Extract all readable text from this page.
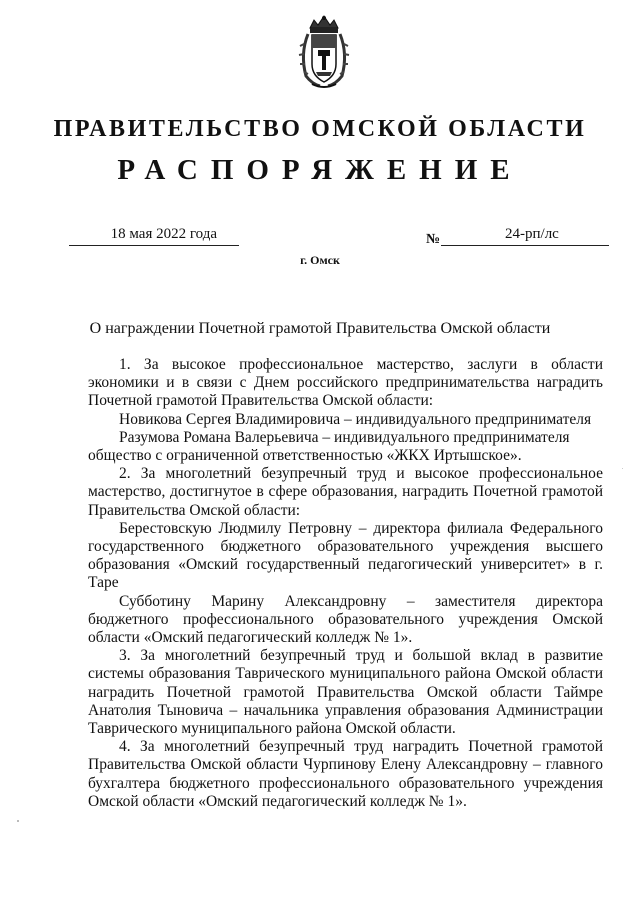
ПРАВИТЕЛЬСТВО ОМСКОЙ ОБЛАСТИ
РАСПОРЯЖЕНИЕ
18 мая 2022 года	№	24-рп/лс
г. Омск
О награждении Почетной грамотой Правительства Омской области

1. За высокое профессиональное мастерство, заслуги в области экономики и в связи с Днем российского предпринимательства наградить Почетной грамотой Правительства Омской области:

Новикова Сергея Владимировича – индивидуального предпринимателя

Разумова Романа Валерьевича – индивидуального предпринимателя общество с ограниченной ответственностью «ЖКХ Иртышское».

2. За многолетний безупречный труд и высокое профессиональное мастерство, достигнутое в сфере образования, наградить Почетной грамотой Правительства Омской области:

Берестовскую Людмилу Петровну – директора филиала Федерального государственного бюджетного образовательного учреждения высшего образования «Омский государственный педагогический университет» в г. Таре

Субботину Марину Александровну – заместителя директора бюджетного профессионального образовательного учреждения Омской области «Омский педагогический колледж № 1».

3. За многолетний безупречный труд и большой вклад в развитие системы образования Таврического муниципального района Омской области наградить Почетной грамотой Правительства Омской области Таймре Анатолия Тыновича – начальника управления образования Администрации Таврического муниципального района Омской области.

4. За многолетний безупречный труд наградить Почетной грамотой Правительства Омской области Чурпинову Елену Александровну – главного бухгалтера бюджетного профессионального образовательного учреждения Омской области «Омский педагогический колледж № 1».
